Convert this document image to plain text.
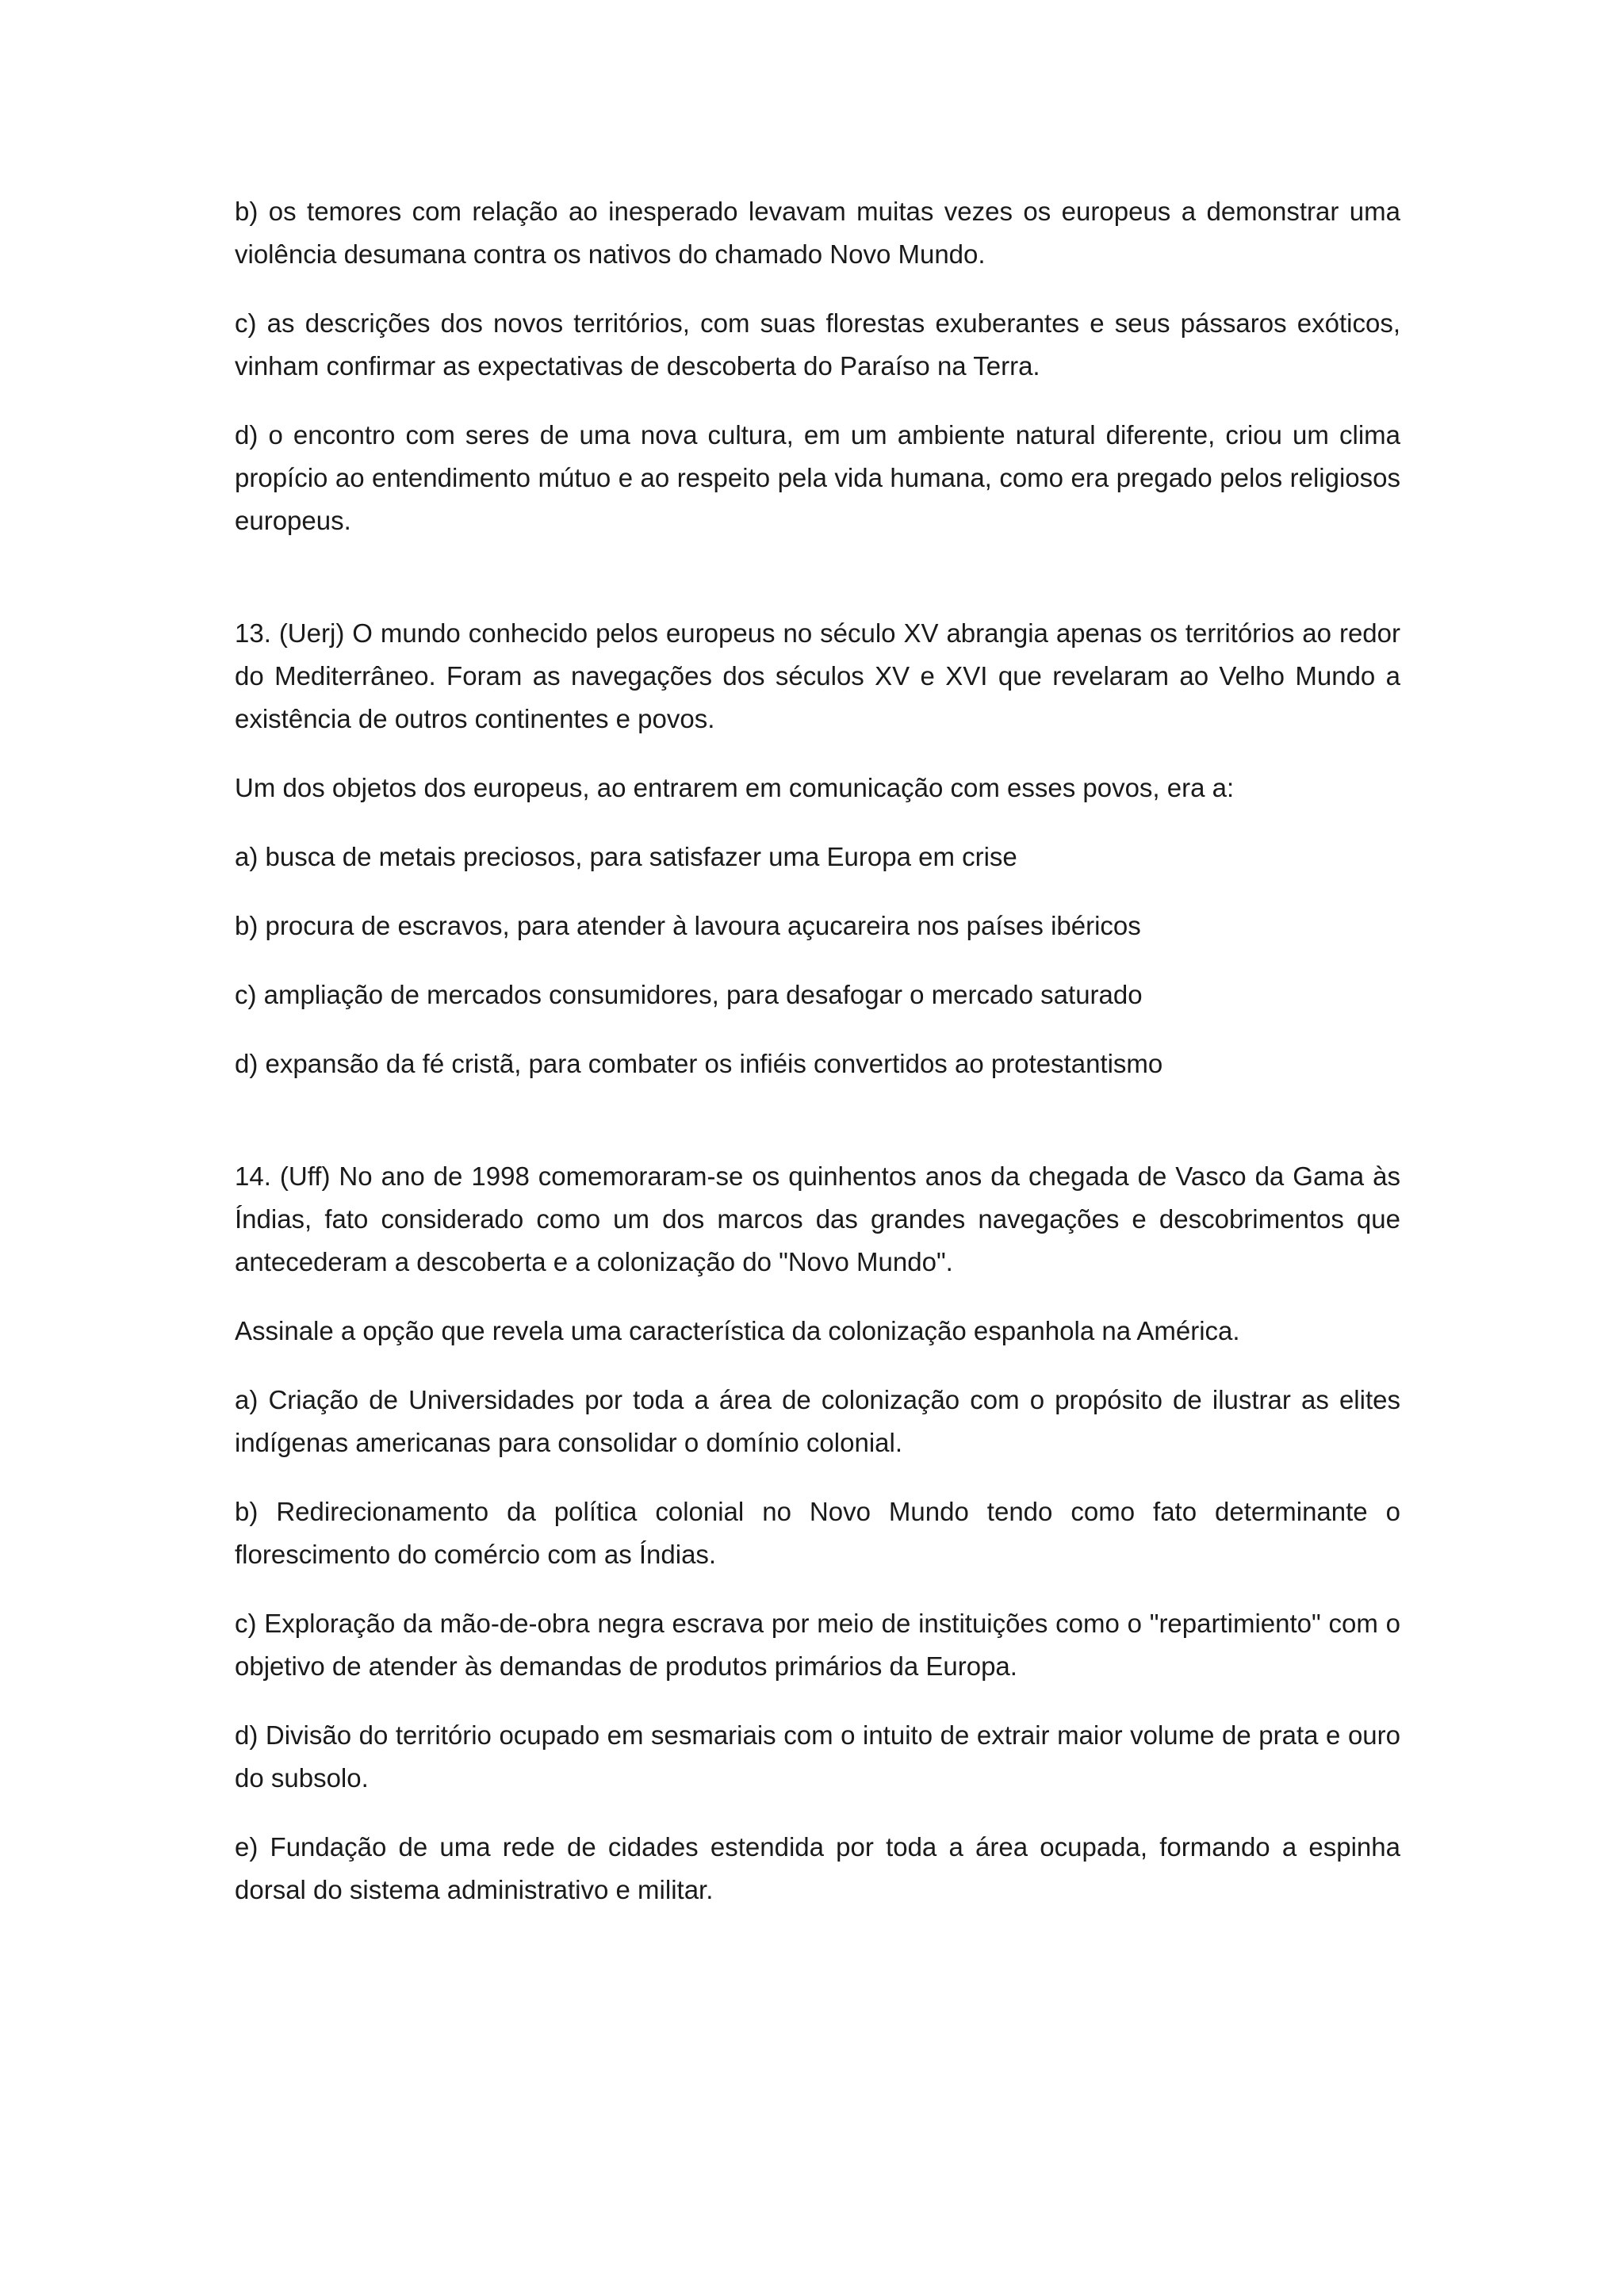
b) os temores com relação ao inesperado levavam muitas vezes os europeus a demonstrar uma violência desumana contra os nativos do chamado Novo Mundo.

c) as descrições dos novos territórios, com suas florestas exuberantes e seus pássaros exóticos, vinham confirmar as expectativas de descoberta do Paraíso na Terra.

d) o encontro com seres de uma nova cultura, em um ambiente natural diferente, criou um clima propício ao entendimento mútuo e ao respeito pela vida humana, como era pregado pelos religiosos europeus.

13. (Uerj) O mundo conhecido pelos europeus no século XV abrangia apenas os territórios ao redor do Mediterrâneo. Foram as navegações dos séculos XV e XVI que revelaram ao Velho Mundo a existência de outros continentes e povos.

Um dos objetos dos europeus, ao entrarem em comunicação com esses povos, era a:

a) busca de metais preciosos, para satisfazer uma Europa em crise

b) procura de escravos, para atender à lavoura açucareira nos países ibéricos

c) ampliação de mercados consumidores, para desafogar o mercado saturado

d) expansão da fé cristã, para combater os infiéis convertidos ao protestantismo

14. (Uff) No ano de 1998 comemoraram-se os quinhentos anos da chegada de Vasco da Gama às Índias, fato considerado como um dos marcos das grandes navegações e descobrimentos que antecederam a descoberta e a colonização do "Novo Mundo".

Assinale a opção que revela uma característica da colonização espanhola na América.

a) Criação de Universidades por toda a área de colonização com o propósito de ilustrar as elites indígenas americanas para consolidar o domínio colonial.

b) Redirecionamento da política colonial no Novo Mundo tendo como fato determinante o florescimento do comércio com as Índias.

c) Exploração da mão-de-obra negra escrava por meio de instituições como o "repartimiento" com o objetivo de atender às demandas de produtos primários da Europa.

d) Divisão do território ocupado em sesmariais com o intuito de extrair maior volume de prata e ouro do subsolo.

e) Fundação de uma rede de cidades estendida por toda a área ocupada, formando a espinha dorsal do sistema administrativo e militar.
